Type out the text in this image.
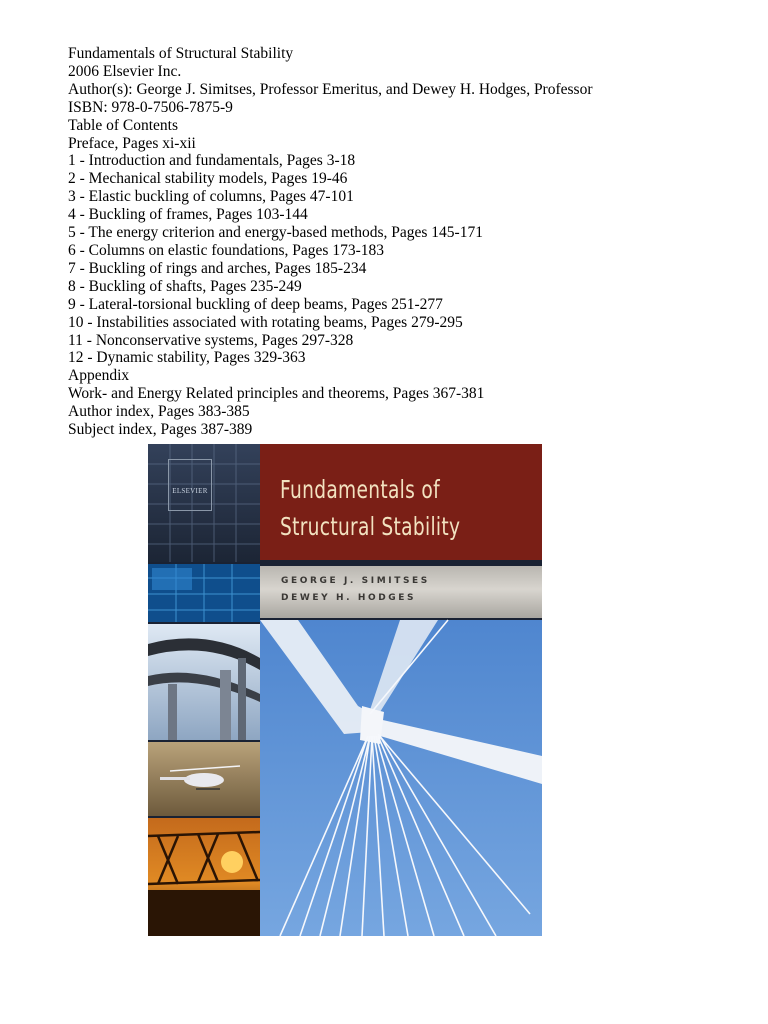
Fundamentals of Structural Stability
2006 Elsevier Inc.
Author(s): George J. Simitses, Professor Emeritus, and Dewey H. Hodges, Professor
ISBN: 978-0-7506-7875-9
Table of Contents
Preface, Pages xi-xii
1 - Introduction and fundamentals, Pages 3-18
2 - Mechanical stability models, Pages 19-46
3 - Elastic buckling of columns, Pages 47-101
4 - Buckling of frames, Pages 103-144
5 - The energy criterion and energy-based methods, Pages 145-171
6 - Columns on elastic foundations, Pages 173-183
7 - Buckling of rings and arches, Pages 185-234
8 - Buckling of shafts, Pages 235-249
9 - Lateral-torsional buckling of deep beams, Pages 251-277
10 - Instabilities associated with rotating beams, Pages 279-295
11 - Nonconservative systems, Pages 297-328
12 - Dynamic stability, Pages 329-363
Appendix
Work- and Energy Related principles and theorems, Pages 367-381
Author index, Pages 383-385
Subject index, Pages 387-389
ELSEVIER	Fundamentals of
Structural Stability
GEORGE J. SIMITSES
DEWEY H. HODGES
